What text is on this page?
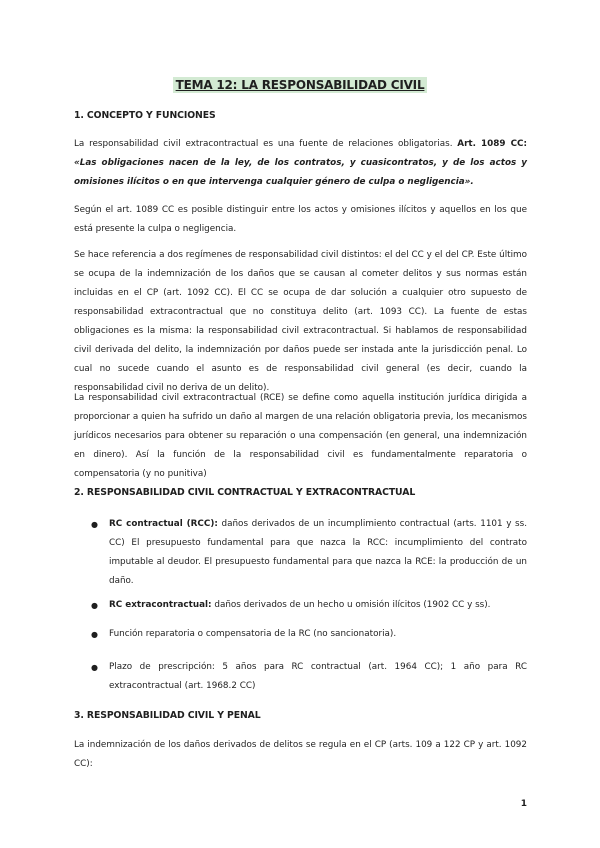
TEMA 12: LA RESPONSABILIDAD CIVIL
1. CONCEPTO Y FUNCIONES
La responsabilidad civil extracontractual es una fuente de relaciones obligatorias. Art. 1089 CC: «Las obligaciones nacen de la ley, de los contratos, y cuasicontratos, y de los actos y omisiones ilícitos o en que intervenga cualquier género de culpa o negligencia».
Según el art. 1089 CC es posible distinguir entre los actos y omisiones ilícitos y aquellos en los que está presente la culpa o negligencia.
Se hace referencia a dos regímenes de responsabilidad civil distintos: el del CC y el del CP. Este último se ocupa de la indemnización de los daños que se causan al cometer delitos y sus normas están incluidas en el CP (art. 1092 CC). El CC se ocupa de dar solución a cualquier otro supuesto de responsabilidad extracontractual que no constituya delito (art. 1093 CC). La fuente de estas obligaciones es la misma: la responsabilidad civil extracontractual. Si hablamos de responsabilidad civil derivada del delito, la indemnización por daños puede ser instada ante la jurisdicción penal. Lo cual no sucede cuando el asunto es de responsabilidad civil general (es decir, cuando la responsabilidad civil no deriva de un delito).
La responsabilidad civil extracontractual (RCE) se define como aquella institución jurídica dirigida a proporcionar a quien ha sufrido un daño al margen de una relación obligatoria previa, los mecanismos jurídicos necesarios para obtener su reparación o una compensación (en general, una indemnización en dinero). Así la función de la responsabilidad civil es fundamentalmente reparatoria o compensatoria (y no punitiva)
2. RESPONSABILIDAD CIVIL CONTRACTUAL Y EXTRACONTRACTUAL
● RC contractual (RCC): daños derivados de un incumplimiento contractual (arts. 1101 y ss. CC) El presupuesto fundamental para que nazca la RCC: incumplimiento del contrato imputable al deudor. El presupuesto fundamental para que nazca la RCE: la producción de un daño.
● RC extracontractual: daños derivados de un hecho u omisión ilícitos (1902 CC y ss).
● Función reparatoria o compensatoria de la RC (no sancionatoria).
● Plazo de prescripción: 5 años para RC contractual (art. 1964 CC); 1 año para RC extracontractual (art. 1968.2 CC)
3. RESPONSABILIDAD CIVIL Y PENAL
La indemnización de los daños derivados de delitos se regula en el CP (arts. 109 a 122 CP y art. 1092 CC):
1
